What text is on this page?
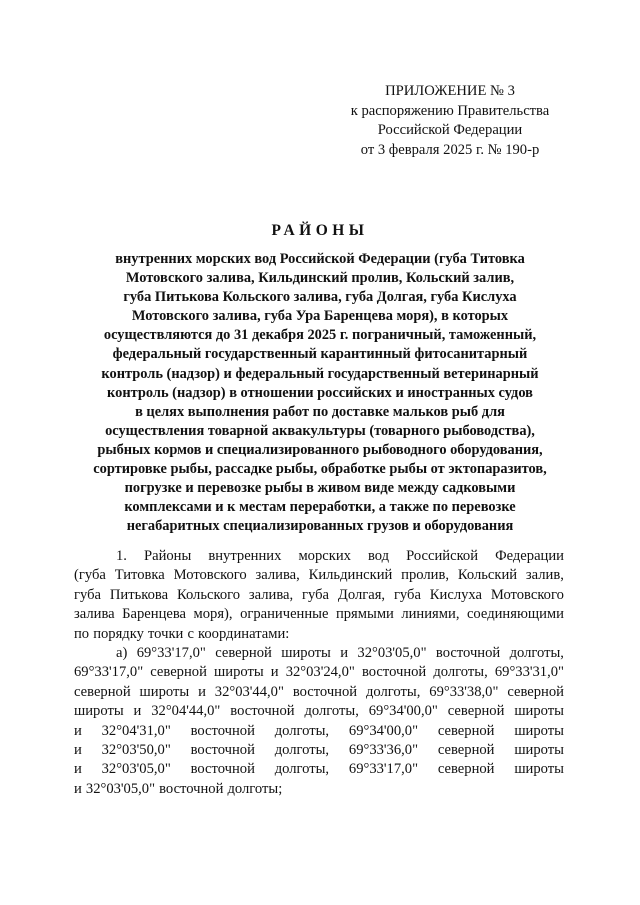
ПРИЛОЖЕНИЕ № 3
к распоряжению Правительства
Российской Федерации
от 3 февраля 2025 г. № 190-р
РАЙОНЫ
внутренних морских вод Российской Федерации (губа Титовка
Мотовского залива, Кильдинский пролив, Кольский залив,
губа Питькова Кольского залива, губа Долгая, губа Кислуха
Мотовского залива, губа Ура Баренцева моря), в которых
осуществляются до 31 декабря 2025 г. пограничный, таможенный,
федеральный государственный карантинный фитосанитарный
контроль (надзор) и федеральный государственный ветеринарный
контроль (надзор) в отношении российских и иностранных судов
в целях выполнения работ по доставке мальков рыб для
осуществления товарной аквакультуры (товарного рыбоводства),
рыбных кормов и специализированного рыбоводного оборудования,
сортировке рыбы, рассадке рыбы, обработке рыбы от эктопаразитов,
погрузке и перевозке рыбы в живом виде между садковыми
комплексами и к местам переработки, а также по перевозке
негабаритных специализированных грузов и оборудования
1. Районы внутренних морских вод Российской Федерации
(губа Титовка Мотовского залива, Кильдинский пролив, Кольский залив,
губа Питькова Кольского залива, губа Долгая, губа Кислуха Мотовского
залива Баренцева моря), ограниченные прямыми линиями, соединяющими
по порядку точки с координатами:
а) 69°33'17,0" северной широты и 32°03'05,0" восточной долготы,
69°33'17,0" северной широты и 32°03'24,0" восточной долготы, 69°33'31,0"
северной широты и 32°03'44,0" восточной долготы, 69°33'38,0" северной
широты и 32°04'44,0" восточной долготы, 69°34'00,0" северной широты
и 32°04'31,0" восточной долготы, 69°34'00,0" северной широты
и 32°03'50,0" восточной долготы, 69°33'36,0" северной широты
и 32°03'05,0" восточной долготы, 69°33'17,0" северной широты
и 32°03'05,0" восточной долготы;
